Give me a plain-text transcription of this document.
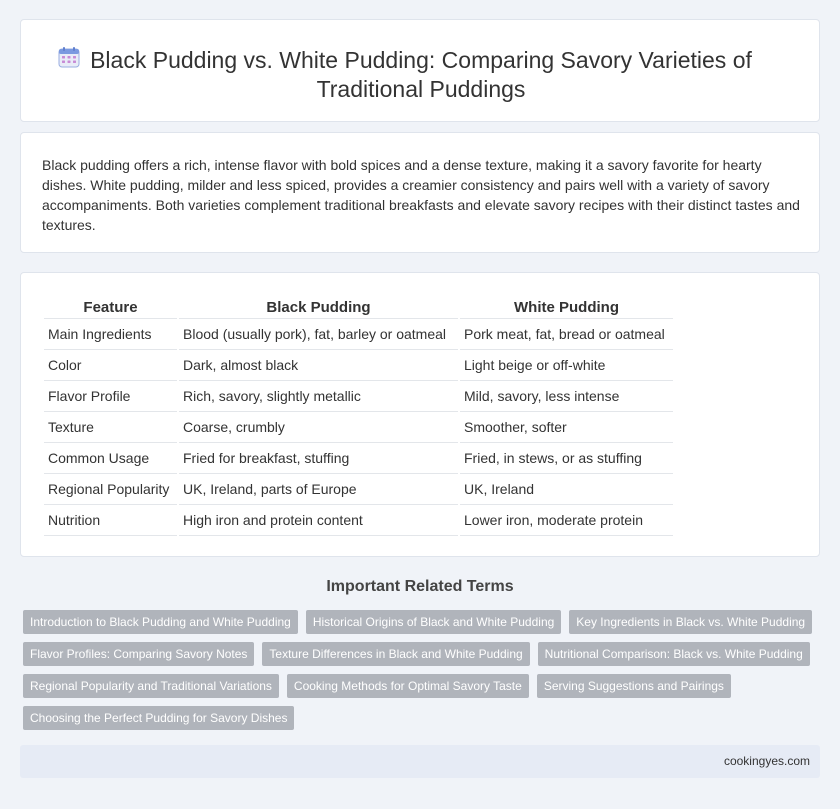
Black Pudding vs. White Pudding: Comparing Savory Varieties of Traditional Puddings

Black pudding offers a rich, intense flavor with bold spices and a dense texture, making it a savory favorite for hearty dishes. White pudding, milder and less spiced, provides a creamier consistency and pairs well with a variety of savory accompaniments. Both varieties complement traditional breakfasts and elevate savory recipes with their distinct tastes and textures.

Feature	Black Pudding	White Pudding
Main Ingredients	Blood (usually pork), fat, barley or oatmeal	Pork meat, fat, bread or oatmeal
Color	Dark, almost black	Light beige or off-white
Flavor Profile	Rich, savory, slightly metallic	Mild, savory, less intense
Texture	Coarse, crumbly	Smoother, softer
Common Usage	Fried for breakfast, stuffing	Fried, in stews, or as stuffing
Regional Popularity	UK, Ireland, parts of Europe	UK, Ireland
Nutrition	High iron and protein content	Lower iron, moderate protein
Important Related Terms
Introduction to Black Pudding and White Pudding	Historical Origins of Black and White Pudding	Key Ingredients in Black vs. White Pudding
Flavor Profiles: Comparing Savory Notes	Texture Differences in Black and White Pudding	Nutritional Comparison: Black vs. White Pudding
Regional Popularity and Traditional Variations	Cooking Methods for Optimal Savory Taste	Serving Suggestions and Pairings
Choosing the Perfect Pudding for Savory Dishes
cookingyes.com
